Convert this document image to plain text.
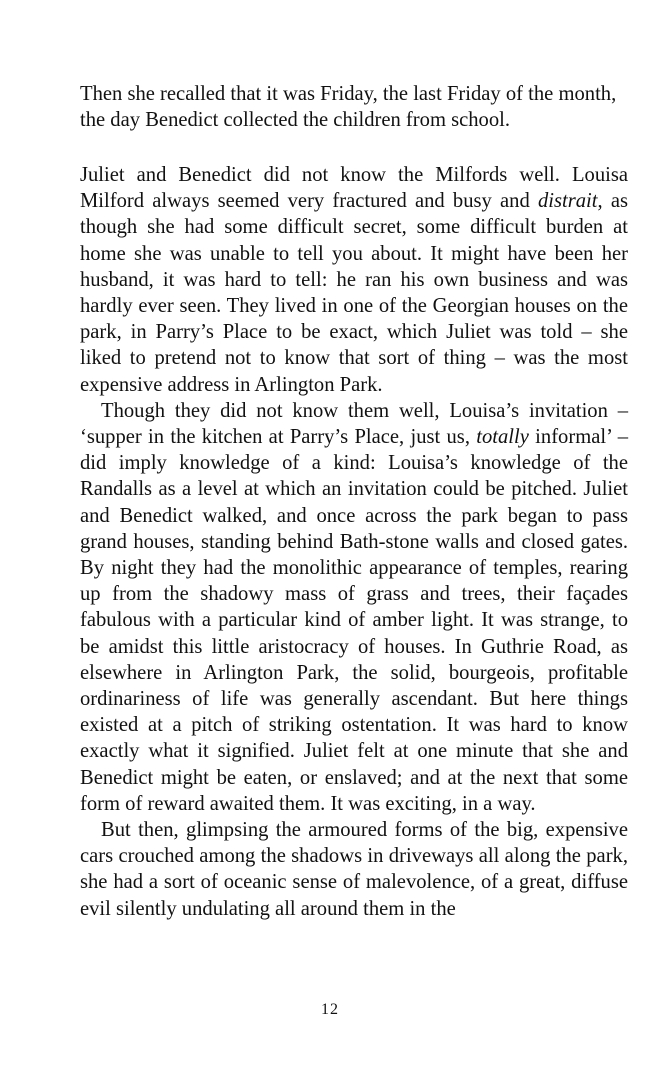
Then she recalled that it was Friday, the last Friday of the month, the day Benedict collected the children from school.

Juliet and Benedict did not know the Milfords well. Louisa Milford always seemed very fractured and busy and distrait, as though she had some difficult secret, some difficult burden at home she was unable to tell you about. It might have been her husband, it was hard to tell: he ran his own business and was hardly ever seen. They lived in one of the Georgian houses on the park, in Parry’s Place to be exact, which Juliet was told – she liked to pretend not to know that sort of thing – was the most expensive address in Arlington Park.

Though they did not know them well, Louisa’s invitation – ‘supper in the kitchen at Parry’s Place, just us, totally informal’ – did imply knowledge of a kind: Louisa’s knowledge of the Randalls as a level at which an invitation could be pitched. Juliet and Benedict walked, and once across the park began to pass grand houses, standing behind Bath-stone walls and closed gates. By night they had the monolithic appearance of temples, rearing up from the shadowy mass of grass and trees, their façades fabulous with a particular kind of amber light. It was strange, to be amidst this little aristocracy of houses. In Guthrie Road, as elsewhere in Arlington Park, the solid, bourgeois, profitable ordinariness of life was generally ascendant. But here things existed at a pitch of striking ostentation. It was hard to know exactly what it signified. Juliet felt at one minute that she and Benedict might be eaten, or enslaved; and at the next that some form of reward awaited them. It was exciting, in a way.

But then, glimpsing the armoured forms of the big, expensive cars crouched among the shadows in driveways all along the park, she had a sort of oceanic sense of malevolence, of a great, diffuse evil silently undulating all around them in the

12
